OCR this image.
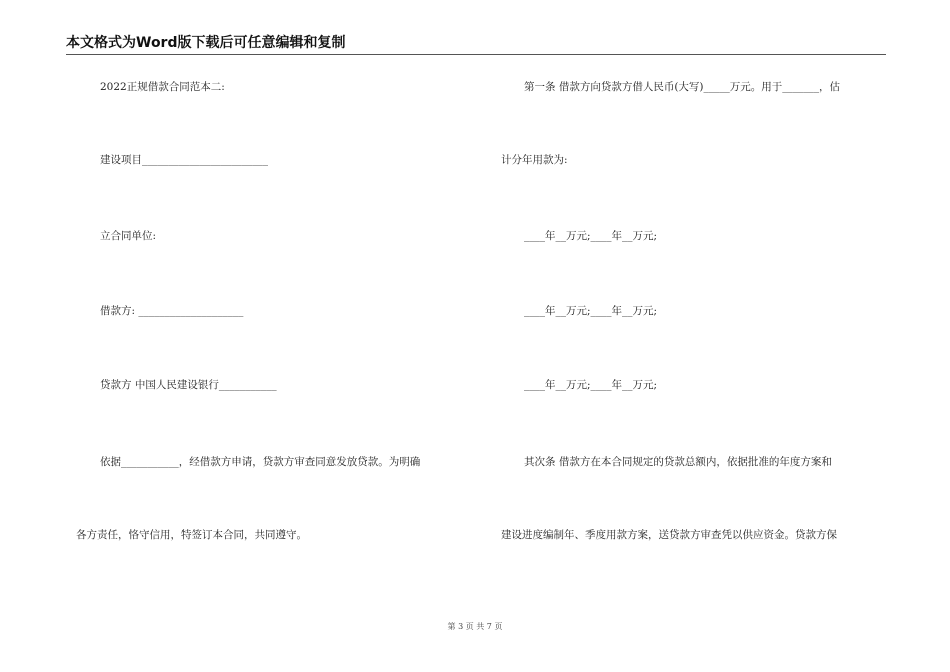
本文格式为Word版下载后可任意编辑和复制
2022正规借款合同范本二:
建设项目________________________
立合同单位:
借款方: ____________________
贷款方 中国人民建设银行___________
依据___________，经借款方申请，贷款方审查同意发放贷款。为明确
各方责任，恪守信用，特签订本合同，共同遵守。
第一条 借款方向贷款方借人民币(大写)_____万元。用于_______，估
计分年用款为:
____年__万元;____年__万元;
____年__万元;____年__万元;
____年__万元;____年__万元;
其次条 借款方在本合同规定的贷款总额内，依据批准的年度方案和
建设进度编制年、季度用款方案，送贷款方审查凭以供应资金。贷款方保
第 3 页 共 7 页
